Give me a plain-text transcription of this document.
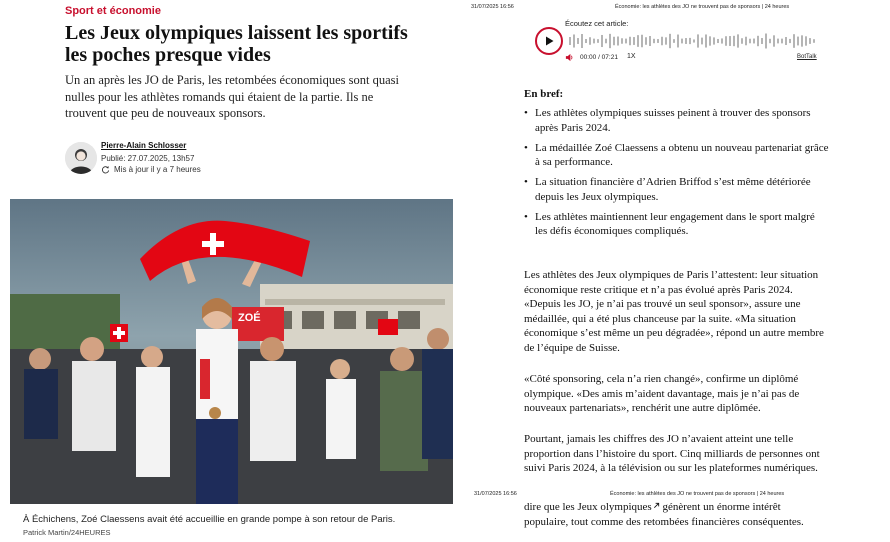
Sport et économie
Les Jeux olympiques laissent les sportifs les poches presque vides

Un an après les JO de Paris, les retombées économiques sont quasi nulles pour les athlètes romands qui étaient de la partie. Ils ne trouvent que peu de nouveaux sponsors.

Pierre-Alain Schlosser
Publié: 27.07.2025, 13h57
Mis à jour il y a 7 heures
ZOÉ
À Échichens, Zoé Claessens avait été accueillie en grande pompe à son retour de Paris.
Patrick Martin/24HEURES
31/07/2025 16:56	Économie: les athlètes des JO ne trouvent pas de sponsors | 24 heures
Écoutez cet article:
00:00 / 07:21 1X	BotTalk
En bref:
• Les athlètes olympiques suisses peinent à trouver des sponsors après Paris 2024.
• La médaillée Zoé Claessens a obtenu un nouveau partenariat grâce à sa performance.
• La situation financière d’Adrien Briffod s’est même détériorée depuis les Jeux olympiques.
• Les athlètes maintiennent leur engagement dans le sport malgré les défis économiques compliqués.

Les athlètes des Jeux olympiques de Paris l’attestent: leur situation économique reste critique et n’a pas évolué après Paris 2024. «Depuis les JO, je n’ai pas trouvé un seul sponsor», assure une médaillée, qui a été plus chanceuse par la suite. «Ma situation économique s’est même un peu dégradée», répond un autre membre de l’équipe de Suisse.

«Côté sponsoring, cela n’a rien changé», confirme un diplômé olympique. «Des amis m’aident davantage, mais je n’ai pas de nouveaux partenariats», renchérit une autre diplômée.

Pourtant, jamais les chiffres des JO n’avaient atteint une telle proportion dans l’histoire du sport. Cinq milliards de personnes ont suivi Paris 2024, à la télévision ou sur les plateformes numériques.

31/07/2025 16:56	Économie: les athlètes des JO ne trouvent pas de sponsors | 24 heures

dire que les Jeux olympiques génèrent un énorme intérêt populaire, tout comme des retombées financières conséquentes.
